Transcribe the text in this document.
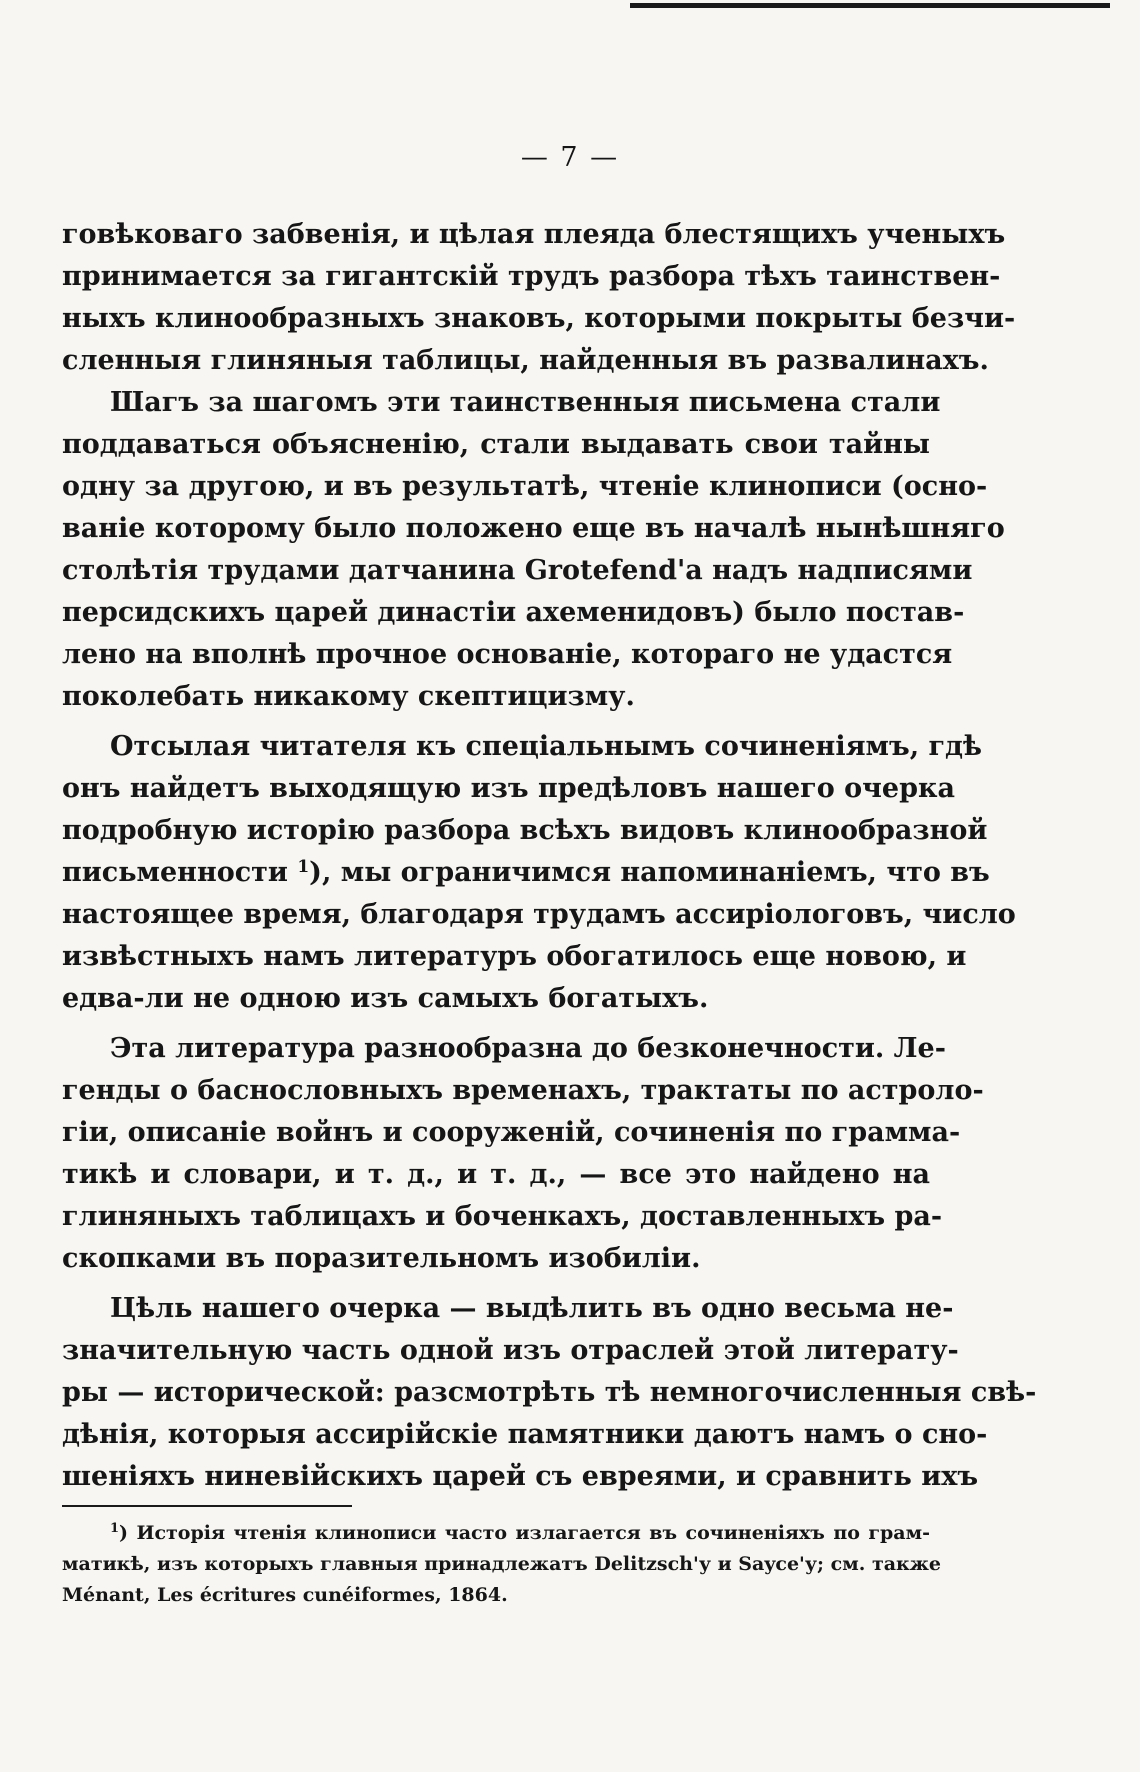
— 7 —
говѣковаго забвенія, и цѣлая плеяда блестящихъ ученыхъ
принимается за гигантскій трудъ разбора тѣхъ таинствен-
ныхъ клинообразныхъ знаковъ, которыми покрыты безчи-
сленныя глиняныя таблицы, найденныя въ развалинахъ.
Шагъ за шагомъ эти таинственныя письмена стали
поддаваться объясненію, стали выдавать свои тайны
одну за другою, и въ результатѣ, чтеніе клинописи (осно-
ваніе которому было положено еще въ началѣ нынѣшняго
столѣтія трудами датчанина Grotefend'а надъ надписями
персидскихъ царей династіи ахеменидовъ) было постав-
лено на вполнѣ прочное основаніе, котораго не удастся
поколебать никакому скептицизму.
Отсылая читателя къ спеціальнымъ сочиненіямъ, гдѣ
онъ найдетъ выходящую изъ предѣловъ нашего очерка
подробную исторію разбора всѣхъ видовъ клинообразной
письменности $^1$), мы ограничимся напоминаніемъ, что въ
настоящее время, благодаря трудамъ ассиріологовъ, число
извѣстныхъ намъ литературъ обогатилось еще новою, и
едва-ли не одною изъ самыхъ богатыхъ.
Эта литература разнообразна до безконечности. Ле-
генды о баснословныхъ временахъ, трактаты по астроло-
гіи, описаніе войнъ и сооруженій, сочиненія по грамма-
тикѣ и словари, и т. д., и т. д., — все это найдено на
глиняныхъ таблицахъ и боченкахъ, доставленныхъ ра-
скопками въ поразительномъ изобиліи.
Цѣль нашего очерка — выдѣлить въ одно весьма не-
значительную часть одной изъ отраслей этой литерату-
ры — исторической: разсмотрѣть тѣ немногочисленныя свѣ-
дѣнія, которыя ассирійскіе памятники даютъ намъ о сно-
шеніяхъ ниневійскихъ царей съ евреями, и сравнить ихъ
$^1$) Исторія чтенія клинописи часто излагается въ сочиненіяхъ по грам-
матикѣ, изъ которыхъ главныя принадлежатъ Delitzsch'у и Sayce'у; см. также
Ménant, Les écritures cunéiformes, 1864.
